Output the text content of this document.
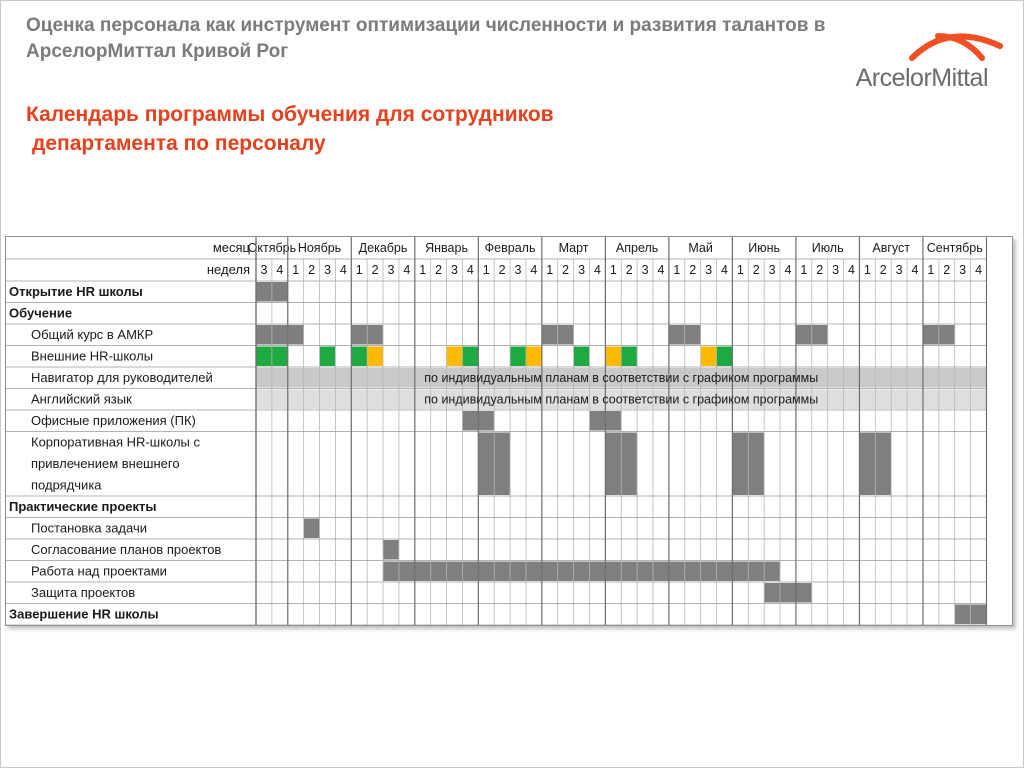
Оценка персонала как инструмент оптимизации численности и развития талантов в АрселорМиттал Кривой Рог
ArcelorMittal
Календарь программы обучения для сотрудников
департамента по персоналу
Октябрь
3 4
Ноябрь
1 2 3 4
Декабрь
1 2 3 4
Январь
1 2 3 4
Февраль
1 2 3 4
Март
1 2 3 4
Апрель
1 2 3 4
Май
1 2 3 4
Июнь
1 2 3 4
Июль
1 2 3 4
Август
1 2 3 4
Сентябрь
1 2 3 4
месяц
неделя
Открытие HR школы
Обучение
Общий курс в АМКР
Внешние HR-школы
Навигатор для руководителей	по индивидуальным планам в соответствии с графиком программы
Английский язык	по индивидуальным планам в соответствии с графиком программы
Офисные приложения (ПК)
Корпоративная HR-школы с
привлечением внешнего
подрядчика
Практические проекты
Постановка задачи
Согласование планов проектов
Работа над проектами
Защита проектов
Завершение HR школы
